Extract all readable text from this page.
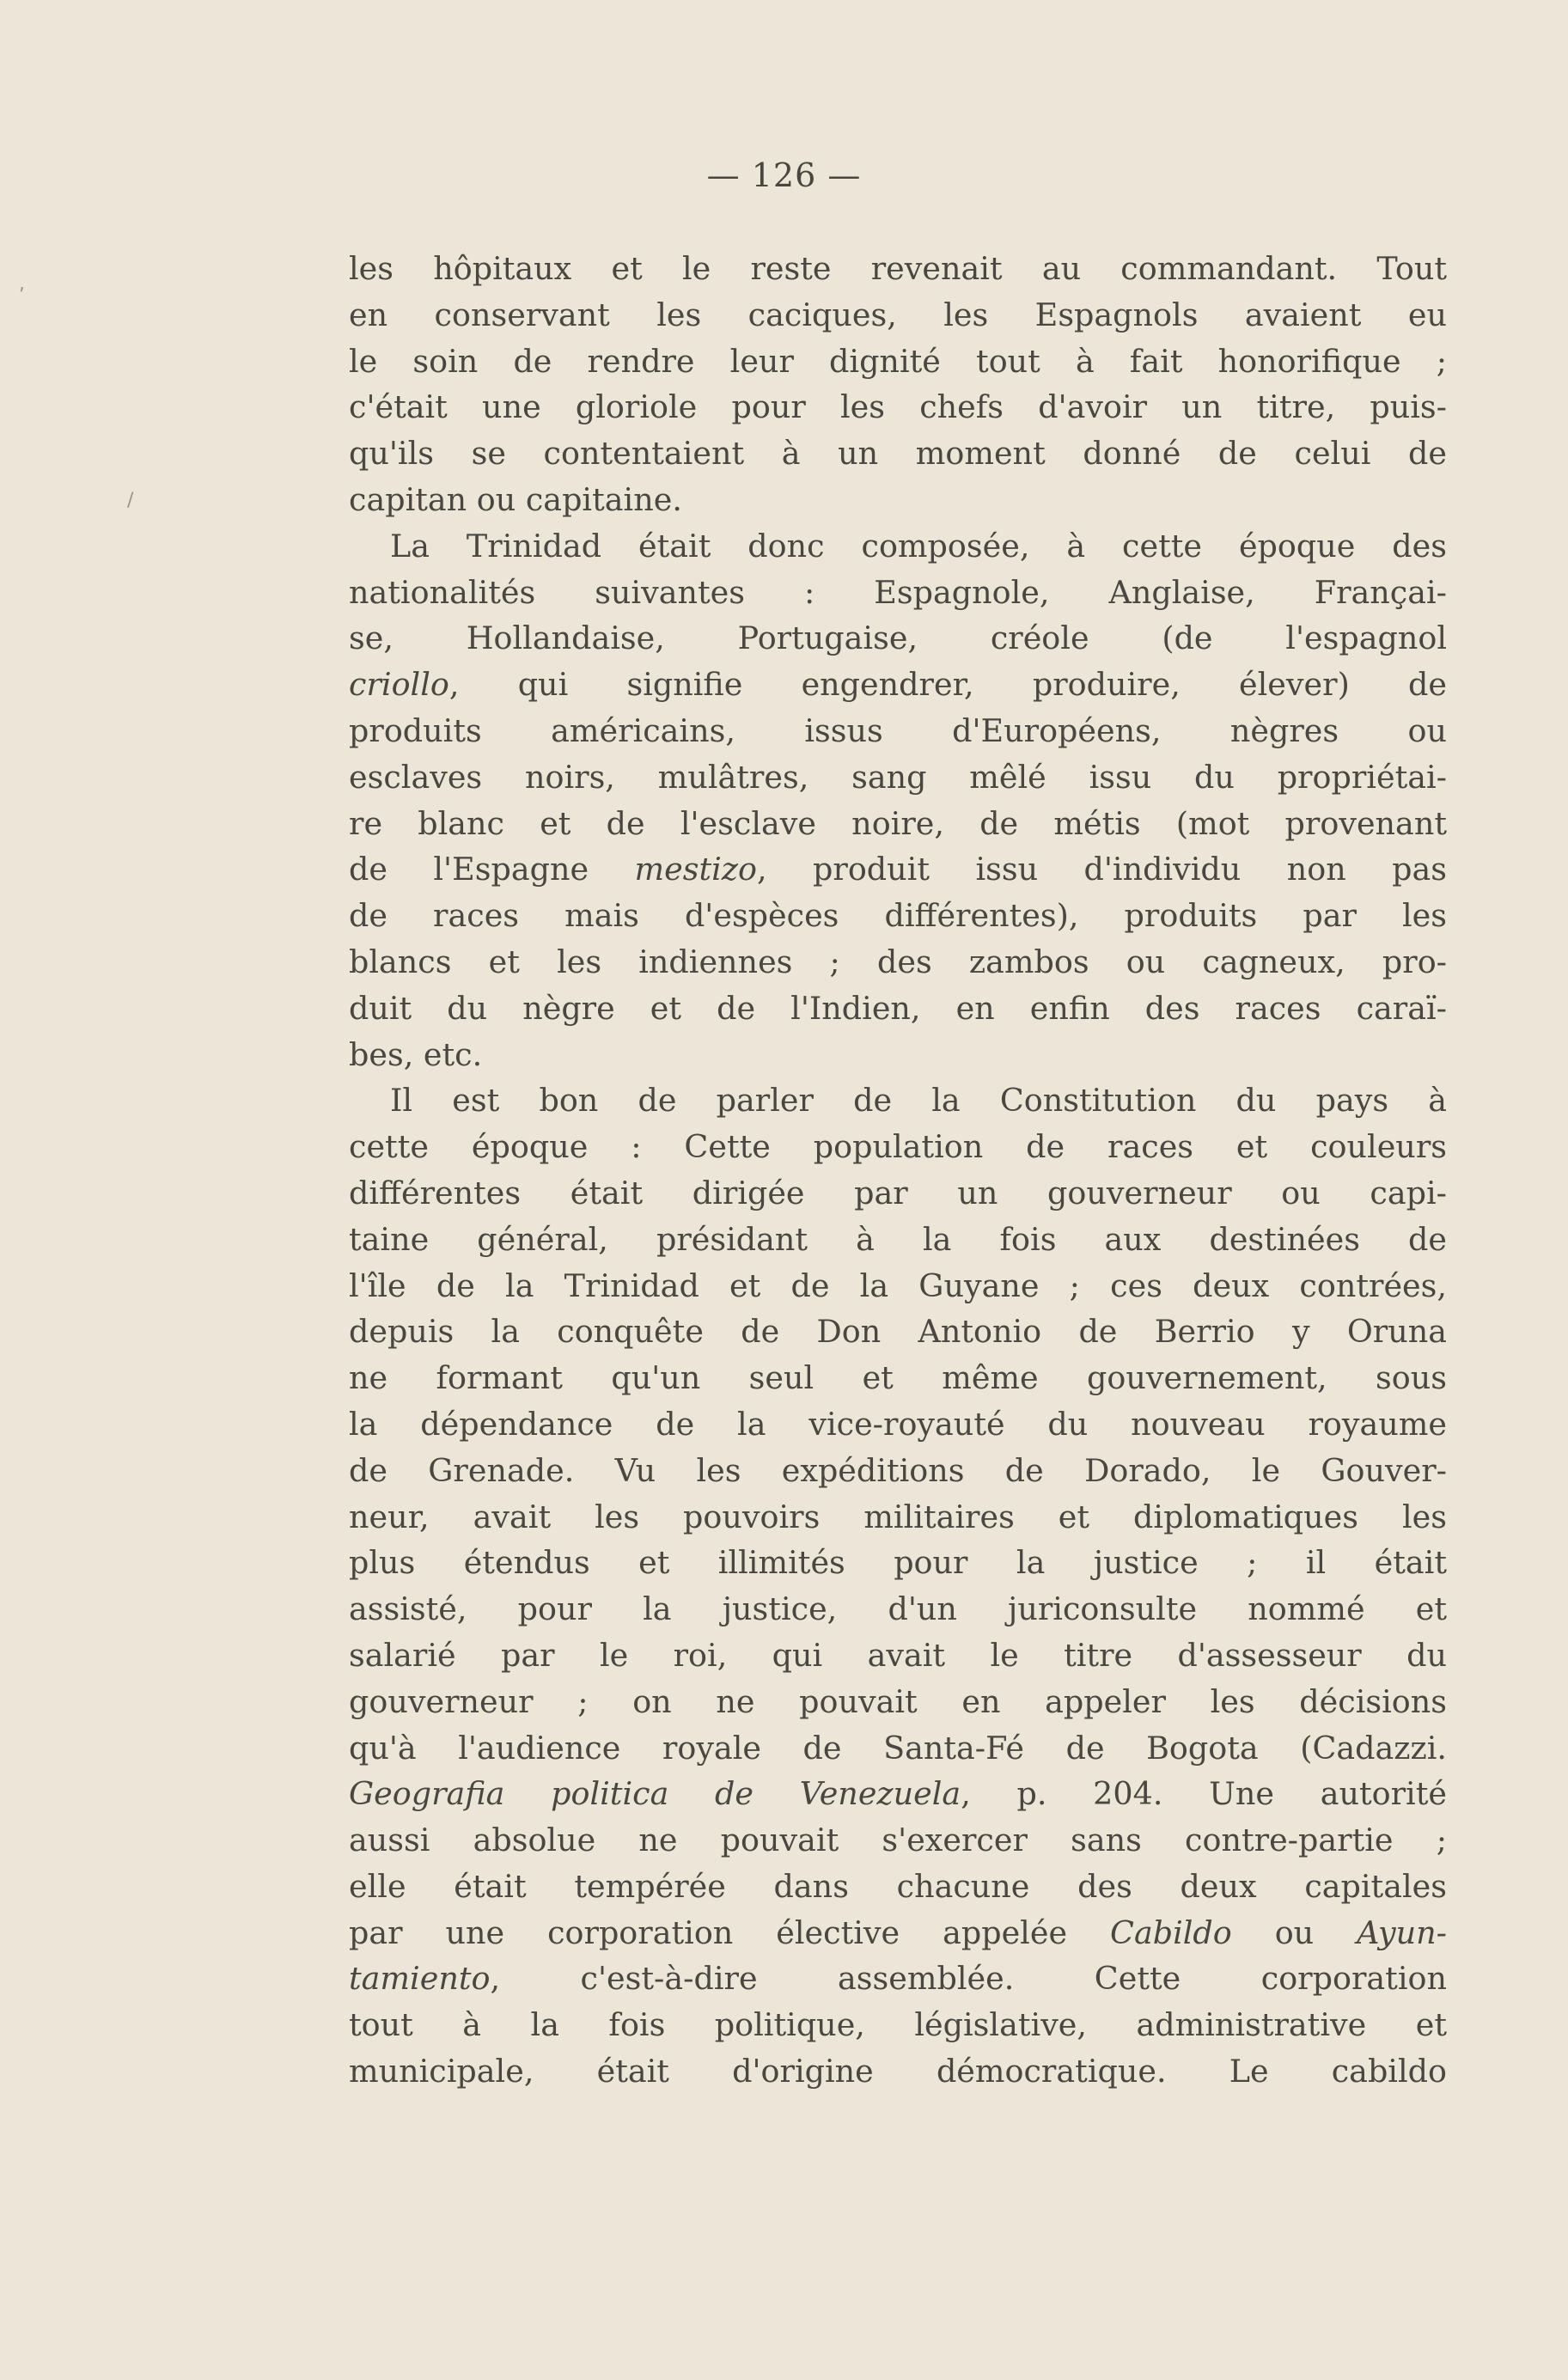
,
/
— 126 —
les hôpitaux et le reste revenait au commandant. Tout
en conservant les caciques, les Espagnols avaient eu
le soin de rendre leur dignité tout à fait honorifique ;
c'était une gloriole pour les chefs d'avoir un titre, puis-
qu'ils se contentaient à un moment donné de celui de
capitan ou capitaine.
La Trinidad était donc composée, à cette époque des
nationalités suivantes : Espagnole, Anglaise, Françai-
se, Hollandaise, Portugaise, créole (de l'espagnol
criollo, qui signifie engendrer, produire, élever) de
produits américains, issus d'Européens, nègres ou
esclaves noirs, mulâtres, sang mêlé issu du propriétai-
re blanc et de l'esclave noire, de métis (mot provenant
de l'Espagne mestizo, produit issu d'individu non pas
de races mais d'espèces différentes), produits par les
blancs et les indiennes ; des zambos ou cagneux, pro-
duit du nègre et de l'Indien, en enfin des races caraï-
bes, etc.
Il est bon de parler de la Constitution du pays à
cette époque : Cette population de races et couleurs
différentes était dirigée par un gouverneur ou capi-
taine général, présidant à la fois aux destinées de
l'île de la Trinidad et de la Guyane ; ces deux contrées,
depuis la conquête de Don Antonio de Berrio y Oruna
ne formant qu'un seul et même gouvernement, sous
la dépendance de la vice-royauté du nouveau royaume
de Grenade. Vu les expéditions de Dorado, le Gouver-
neur, avait les pouvoirs militaires et diplomatiques les
plus étendus et illimités pour la justice ; il était
assisté, pour la justice, d'un juriconsulte nommé et
salarié par le roi, qui avait le titre d'assesseur du
gouverneur ; on ne pouvait en appeler les décisions
qu'à l'audience royale de Santa-Fé de Bogota (Cadazzi.
Geografia politica de Venezuela, p. 204. Une autorité
aussi absolue ne pouvait s'exercer sans contre-partie ;
elle était tempérée dans chacune des deux capitales
par une corporation élective appelée Cabildo ou Ayun-
tamiento, c'est-à-dire assemblée. Cette corporation
tout à la fois politique, législative, administrative et
municipale, était d'origine démocratique. Le cabildo
